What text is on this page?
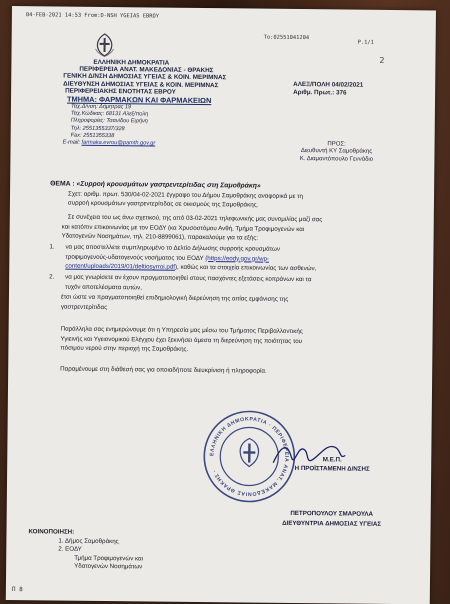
04-FEB-2021 14:53 From:D-NSH YGEIAS EBROY
To:02551041204
P.1/1
2
ΕΛΛΗΝΙΚΗ ΔΗΜΟΚΡΑΤΙΑ
ΠΕΡΙΦΕΡΕΙΑ ΑΝΑΤ. ΜΑΚΕΔΟΝΙΑΣ - ΘΡΑΚΗΣ
ΓΕΝΙΚΗ Δ/ΝΣΗ ΔΗΜΟΣΙΑΣ ΥΓΕΙΑΣ & ΚΟΙΝ. ΜΕΡΙΜΝΑΣ
ΔΙΕΥΘΥΝΣΗ ΔΗΜΟΣΙΑΣ ΥΓΕΙΑΣ & ΚΟΙΝ. ΜΕΡΙΜΝΑΣ
ΠΕΡΙΦΕΡΕΙΑΚΗΣ ΕΝΟΤΗΤΑΣ ΕΒΡΟΥ
ΤΜΗΜΑ: ΦΑΡΜΑΚΩΝ ΚΑΙ ΦΑΡΜΑΚΕΙΩΝ
Ταχ.Δ/νση: Δήμητρας 19
Ταχ.Κώδικας: 68131 Αλεξ/πολη
Πληροφορίες: Τσανίδου Ειρήνη
Τηλ: 2551355337/328
Fax: 2551355338
E-mail: farmaka.evrou@pamth.gov.gr
ΑΛΕΞ/ΠΟΛΗ 04/02/2021
Αριθμ. Πρωτ.: 376
ΠΡΟΣ:
Διευθυντή ΚΥ Σαμοθράκης
Κ. Διαμαντόπουλο Γεννάδιο
ΘΕΜΑ : «Συρροή κρουσμάτων γαστρεντερίτιδας στη Σαμοθράκη»
Σχετ: αριθμ. πρωτ. 530/04-02-2021 έγγραφο του Δήμου Σαμοθράκης αναφορικά με τη
συρροή κρουσμάτων γαστρεντερίτιδας σε οικισμούς της Σαμοθράκης.
Σε συνέχεια του ως άνω σχετικού, της από 03-02-2021 τηλεφωνικής μας συνομιλίας μαζί σας
και κατόπιν επικοινωνίας με τον ΕΟΔΥ (κα Χρυσοστόμου Ανθή, Τμήμα Τροφιμογενών και
Υδατογενών Νοσημάτων, τηλ. 210-8899061), παρακαλούμε για τα εξής:
1. να μας αποστελλετε συμπληρωμένο το Δελτίο Δήλωσης συρροής κρουσμάτων
τροφιμογενούς-υδατογενούς νοσήματος του ΕΟΔΥ (https://eody.gov.gr/wp-
content/uploads/2019/01/deltiosyrroi.pdf), καθώς και τα στοιχεία επικοινωνίας των ασθενών,
2. να μας γνωρίσετε αν έχουν πραγματοποιηθεί στους πασχόντες εξετάσεις κοπράνων και τα
τυχόν αποτελέσματα αυτών,
έτσι ώστε να πραγματοποιηθεί επιδημιολογική διερεύνηση της αιτίας εμφάνισης της
γαστρεντερίτιδας
Παράλληλα σας ενημερώνουμε ότι η Υπηρεσία μας μέσω του Τμήματος Περιβαλλοντικής
Υγιεινής και Υγειονομικού Ελέγχου έχει ξεκινήσει άμεσα τη διερεύνηση της ποιότητας του
πόσιμου νερού στην περιοχή της Σαμοθράκης.
Παραμένουμε στη διάθεσή σας για οποιαδήποτε διευκρίνιση ή πληροφορία.
ΕΛΛΗΝΙΚΗ ΔΗΜΟΚΡΑΤΙΑ · ΠΕΡΙΦΕΡΕΙΑ ΑΝΑΤ. ΜΑΚΕΔΟΝΙΑΣ ΘΡΑΚΗΣ ·
Μ.Ε.Π.
Η ΠΡΟΪΣΤΑΜΕΝΗ Δ/ΝΣΗΣ
ΠΕΤΡΟΠΟΥΛΟΥ ΣΜΑΡΟΥΛΑ
ΔΙΕΥΘΥΝΤΡΙΑ ΔΗΜΟΣΙΑΣ ΥΓΕΙΑΣ
ΚΟΙΝΟΠΟΙΗΣΗ:
1. Δήμος Σαμοθράκης
2. ΕΟΔΥ
Τμήμα Τροφιμογενών και
Υδατογενών Νοσημάτων
Π 8
